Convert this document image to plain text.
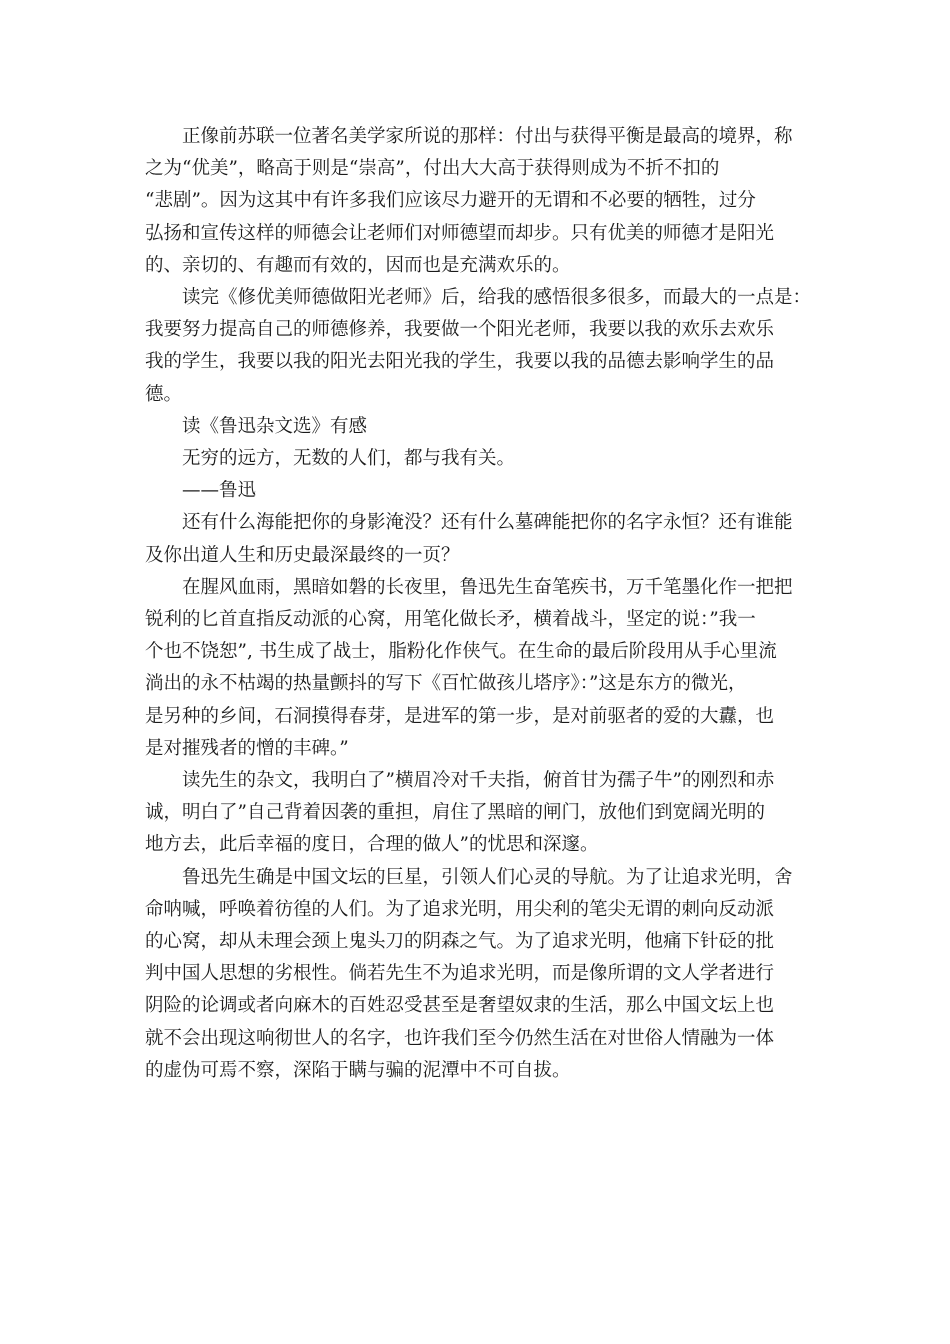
正像前苏联一位著名美学家所说的那样：付出与获得平衡是最高的境界，称
之为“优美”，略高于则是“崇高”，付出大大高于获得则成为不折不扣的
“悲剧”。因为这其中有许多我们应该尽力避开的无谓和不必要的牺牲，过分
弘扬和宣传这样的师德会让老师们对师德望而却步。只有优美的师德才是阳光
的、亲切的、有趣而有效的，因而也是充满欢乐的。

读完《修优美师德做阳光老师》后，给我的感悟很多很多，而最大的一点是：
我要努力提高自己的师德修养，我要做一个阳光老师，我要以我的欢乐去欢乐
我的学生，我要以我的阳光去阳光我的学生，我要以我的品德去影响学生的品
德。

读《鲁迅杂文选》有感

无穷的远方，无数的人们，都与我有关。

——鲁迅

还有什么海能把你的身影淹没？还有什么墓碑能把你的名字永恒？还有谁能
及你出道人生和历史最深最终的一页？

在腥风血雨，黑暗如磐的长夜里，鲁迅先生奋笔疾书，万千笔墨化作一把把
锐利的匕首直指反动派的心窝，用笔化做长矛，横着战斗，坚定的说：”我一
个也不饶恕”, 书生成了战士，脂粉化作侠气。在生命的最后阶段用从手心里流
淌出的永不枯竭的热量颤抖的写下《百忙做孩儿塔序》：”这是东方的微光，
是另种的乡间，石洞摸得春芽，是进军的第一步，是对前驱者的爱的大纛，也
是对摧残者的憎的丰碑。”

读先生的杂文，我明白了”横眉冷对千夫指，俯首甘为孺子牛”的刚烈和赤
诚，明白了”自己背着因袭的重担，肩住了黑暗的闸门，放他们到宽阔光明的
地方去，此后幸福的度日，合理的做人”的忧思和深邃。

鲁迅先生确是中国文坛的巨星，引领人们心灵的导航。为了让追求光明，舍
命呐喊，呼唤着彷徨的人们。为了追求光明，用尖利的笔尖无谓的刺向反动派
的心窝，却从未理会颈上鬼头刀的阴森之气。为了追求光明，他痛下针砭的批
判中国人思想的劣根性。倘若先生不为追求光明，而是像所谓的文人学者进行
阴险的论调或者向麻木的百姓忍受甚至是奢望奴隶的生活，那么中国文坛上也
就不会出现这响彻世人的名字，也许我们至今仍然生活在对世俗人情融为一体
的虚伪可焉不察，深陷于瞒与骗的泥潭中不可自拔。
